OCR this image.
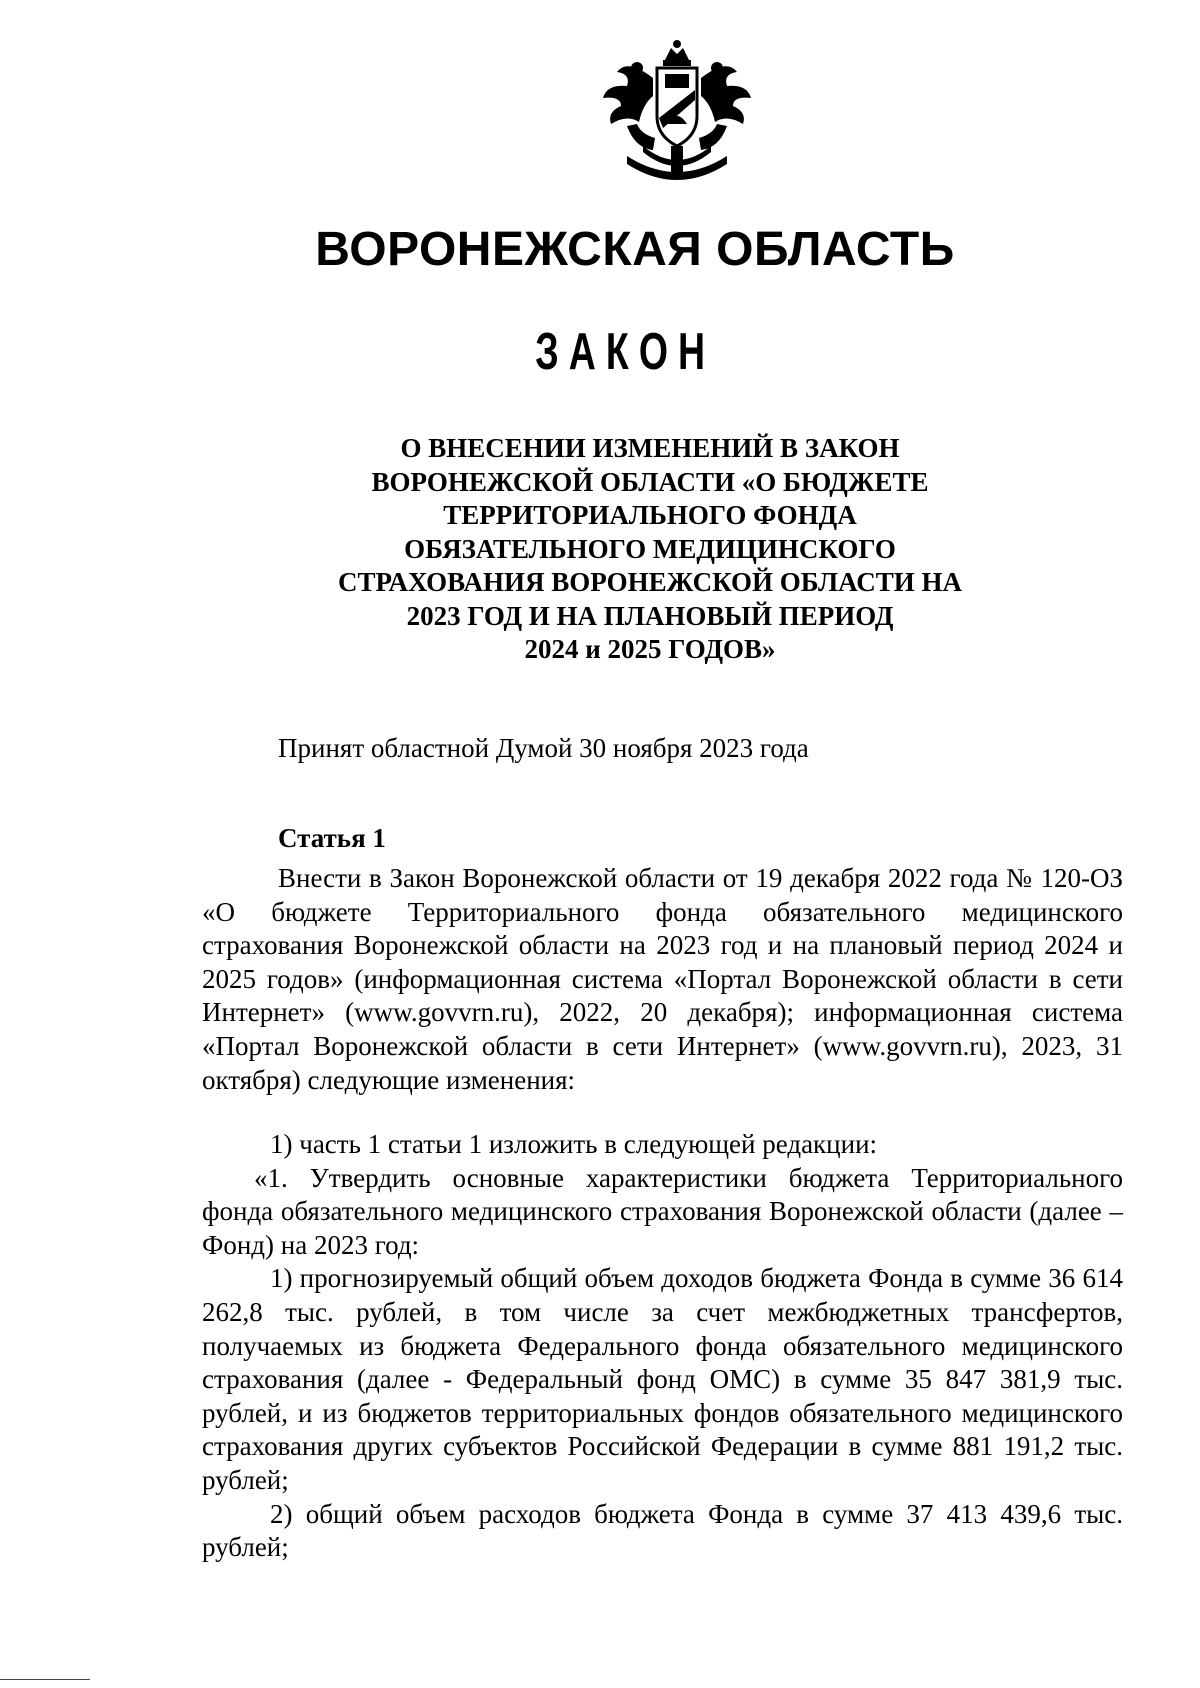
ВОРОНЕЖСКАЯ ОБЛАСТЬ
ЗАКОН
О ВНЕСЕНИИ ИЗМЕНЕНИЙ В ЗАКОН
ВОРОНЕЖСКОЙ ОБЛАСТИ «О БЮДЖЕТЕ
ТЕРРИТОРИАЛЬНОГО ФОНДА
ОБЯЗАТЕЛЬНОГО МЕДИЦИНСКОГО
СТРАХОВАНИЯ ВОРОНЕЖСКОЙ ОБЛАСТИ НА
2023 ГОД И НА ПЛАНОВЫЙ ПЕРИОД
2024 и 2025 ГОДОВ»
Принят областной Думой 30 ноября 2023 года
Статья 1

Внести в Закон Воронежской области от 19 декабря 2022 года № 120-ОЗ «О бюджете Территориального фонда обязательного медицинского страхования Воронежской области на 2023 год и на плановый период 2024 и 2025 годов» (информационная система «Портал Воронежской области в сети Интернет» (www.govvrn.ru), 2022, 20 декабря); информационная система «Портал Воронежской области в сети Интернет» (www.govvrn.ru), 2023, 31 октября) следующие изменения:

1) часть 1 статьи 1 изложить в следующей редакции:

«1. Утвердить основные характеристики бюджета Территориального фонда обязательного медицинского страхования Воронежской области (далее – Фонд) на 2023 год:

1) прогнозируемый общий объем доходов бюджета Фонда в сумме 36 614 262,8 тыс. рублей, в том числе за счет межбюджетных трансфертов, получаемых из бюджета Федерального фонда обязательного медицинского страхования (далее - Федеральный фонд ОМС) в сумме 35 847 381,9 тыс. рублей, и из бюджетов территориальных фондов обязательного медицинского страхования других субъектов Российской Федерации в сумме 881 191,2 тыс. рублей;

2) общий объем расходов бюджета Фонда в сумме 37 413 439,6 тыс. рублей;
